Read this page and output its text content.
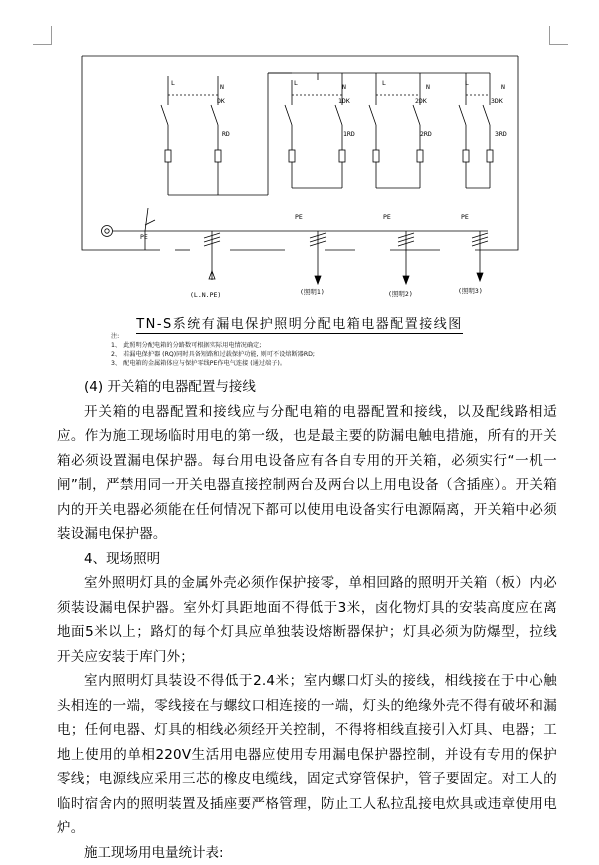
L	N
DK
RD
L	N
1DK
1RD
L	N
2DK
2RD
L	N
3DK
3RD
PE
PE	PE	PE
(L.N.PE)	(照明1)	(照明2)	(照明3)
TN-S系统有漏电保护照明分配电箱电器配置接线图
注:
1、 此照明分配电箱的分路数可根据实际用电情况确定;
2、 若漏电保护器 (RQ)同时具备短路和过载保护功能, 则可不设熔断器RD;
3、 配电箱的金属箱体应与保护零线PE作电气连接 (通过端子)。

(4) 开关箱的电器配置与接线

开关箱的电器配置和接线应与分配电箱的电器配置和接线，以及配线路相适应。作为施工现场临时用电的第一级，也是最主要的防漏电触电措施，所有的开关箱必须设置漏电保护器。每台用电设备应有各自专用的开关箱，必须实行“一机一闸”制，严禁用同一开关电器直接控制两台及两台以上用电设备（含插座）。开关箱内的开关电器必须能在任何情况下都可以使用电设备实行电源隔离，开关箱中必须装设漏电保护器。

4、现场照明

室外照明灯具的金属外壳必须作保护接零，单相回路的照明开关箱（板）内必须装设漏电保护器。室外灯具距地面不得低于3米，卤化物灯具的安装高度应在离地面5米以上；路灯的每个灯具应单独装设熔断器保护；灯具必须为防爆型，拉线开关应安装于库门外；

室内照明灯具装设不得低于2.4米；室内螺口灯头的接线，相线接在于中心触头相连的一端，零线接在与螺纹口相连接的一端，灯头的绝缘外壳不得有破坏和漏电；任何电器、灯具的相线必须经开关控制，不得将相线直接引入灯具、电器；工地上使用的单相220V生活用电器应使用专用漏电保护器控制，并设有专用的保护零线；电源线应采用三芯的橡皮电缆线，固定式穿管保护，管子要固定。对工人的临时宿舍内的照明装置及插座要严格管理，防止工人私拉乱接电炊具或违章使用电炉。

施工现场用电量统计表:
